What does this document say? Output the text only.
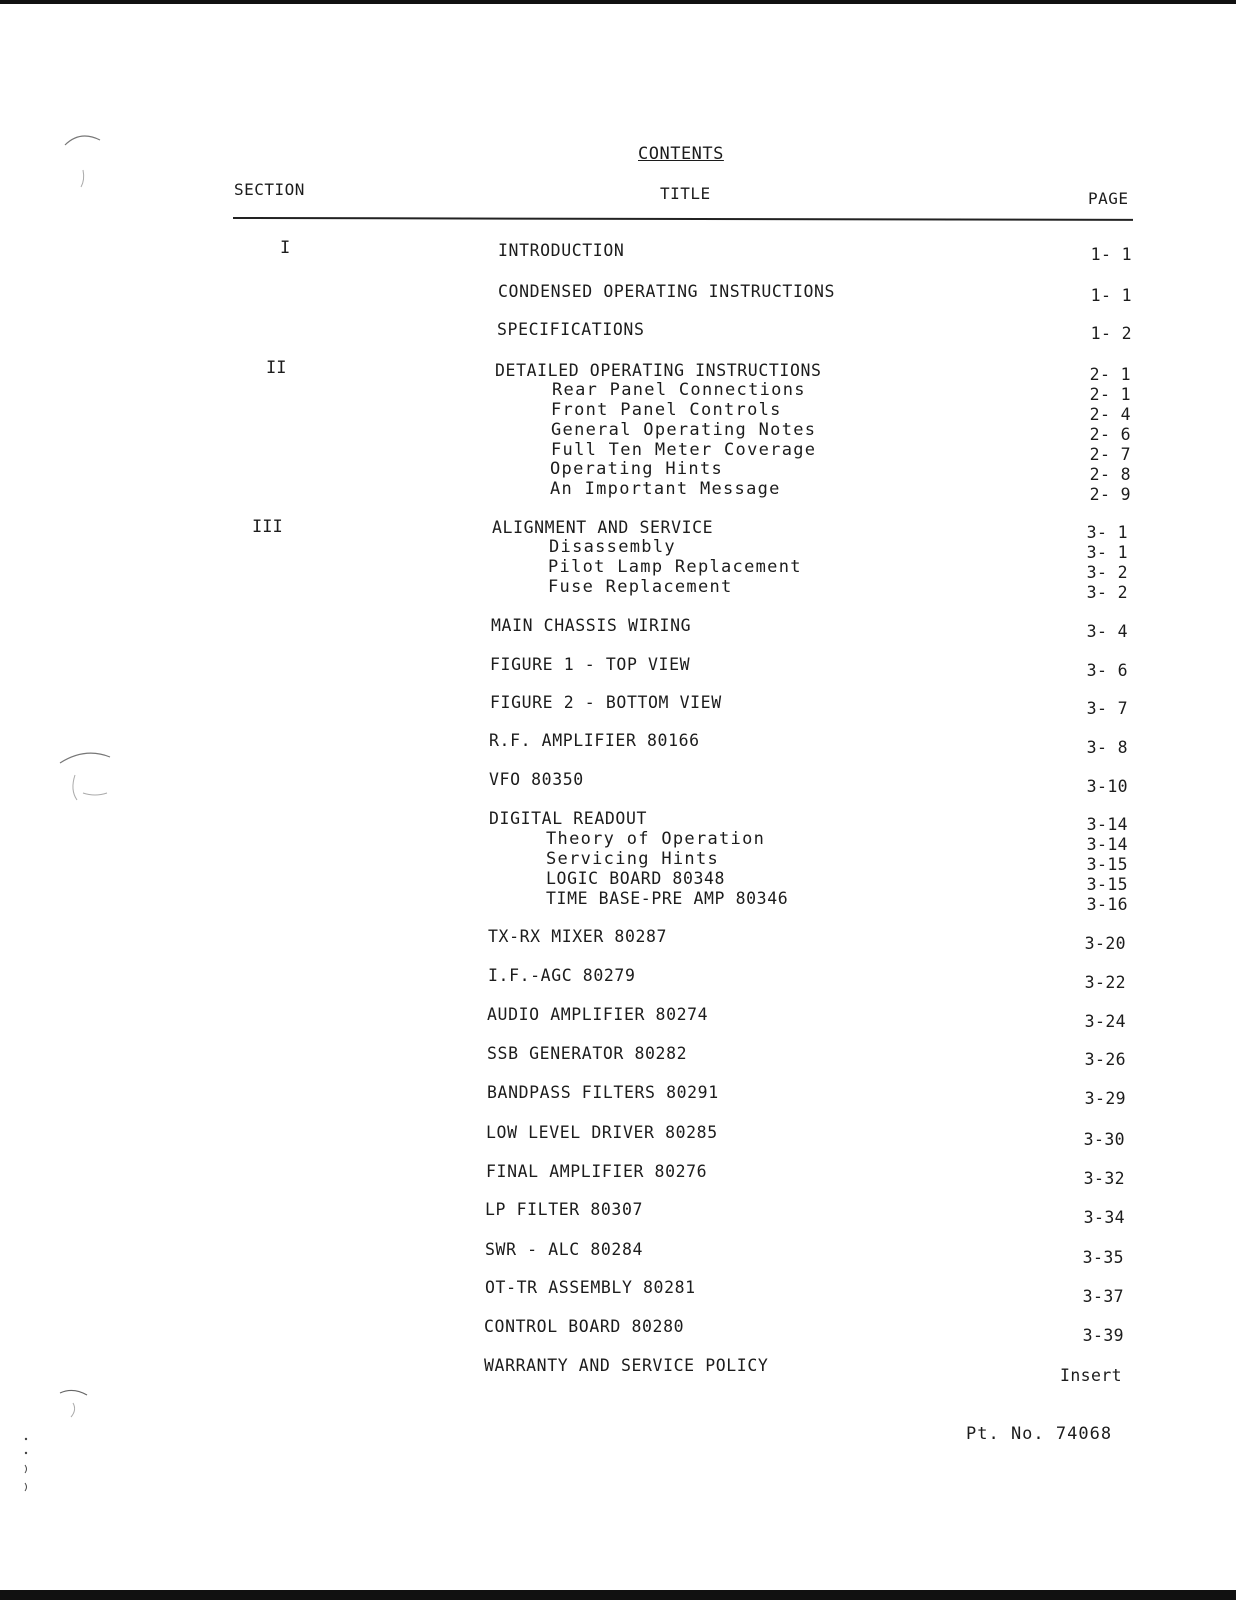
CONTENTS
SECTION	TITLE	PAGE
I
II
III
INTRODUCTION
CONDENSED OPERATING INSTRUCTIONS
SPECIFICATIONS
DETAILED OPERATING INSTRUCTIONS
Rear Panel Connections
Front Panel Controls
General Operating Notes
Full Ten Meter Coverage
Operating Hints
An Important Message
ALIGNMENT AND SERVICE
Disassembly
Pilot Lamp Replacement
Fuse Replacement
MAIN CHASSIS WIRING
FIGURE 1 - TOP VIEW
FIGURE 2 - BOTTOM VIEW
R.F. AMPLIFIER 80166
VFO 80350
DIGITAL READOUT
Theory of Operation
Servicing Hints
LOGIC BOARD 80348
TIME BASE-PRE AMP 80346
TX-RX MIXER 80287
I.F.-AGC 80279
AUDIO AMPLIFIER 80274
SSB GENERATOR 80282
BANDPASS FILTERS 80291
LOW LEVEL DRIVER 80285
FINAL AMPLIFIER 80276
LP FILTER 80307
SWR - ALC 80284
OT-TR ASSEMBLY 80281
CONTROL BOARD 80280
WARRANTY AND SERVICE POLICY
1- 1
1- 1
1- 2
2- 1
2- 1
2- 4
2- 6
2- 7
2- 8
2- 9
3- 1
3- 1
3- 2
3- 2
3- 4
3- 6
3- 7
3- 8
3-10
3-14
3-14
3-15
3-15
3-16
3-20
3-22
3-24
3-26
3-29
3-30
3-32
3-34
3-35
3-37
3-39
Insert
Pt. No. 74068
